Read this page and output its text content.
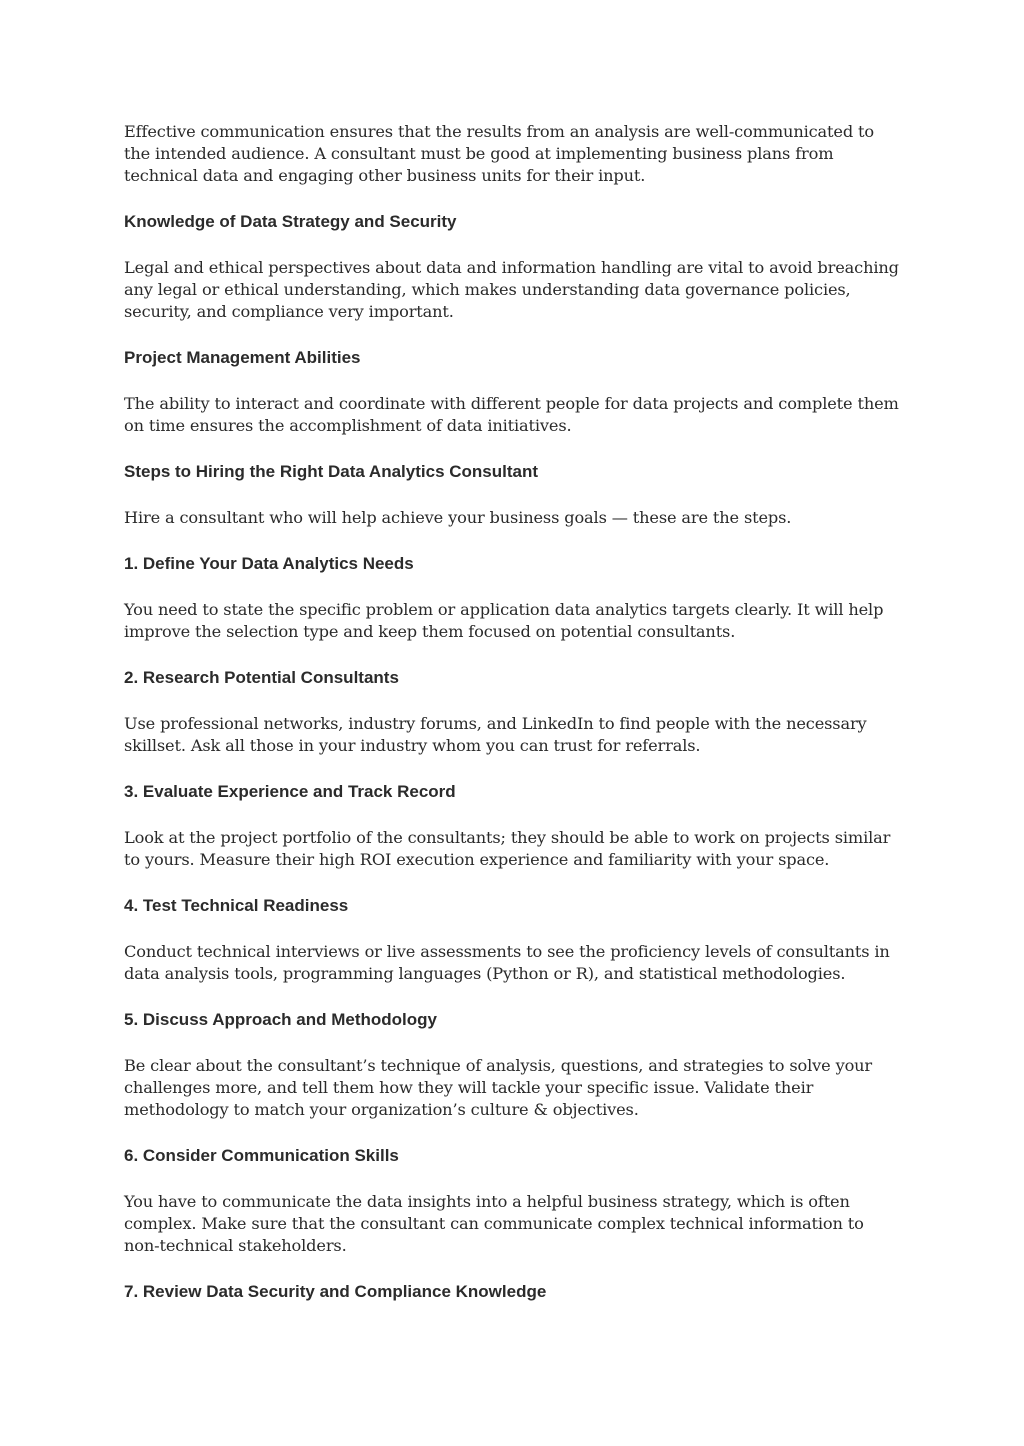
Effective communication ensures that the results from an analysis are well-communicated to the intended audience. A consultant must be good at implementing business plans from technical data and engaging other business units for their input.

Knowledge of Data Strategy and Security

Legal and ethical perspectives about data and information handling are vital to avoid breaching any legal or ethical understanding, which makes understanding data governance policies, security, and compliance very important.

Project Management Abilities

The ability to interact and coordinate with different people for data projects and complete them on time ensures the accomplishment of data initiatives.

Steps to Hiring the Right Data Analytics Consultant

Hire a consultant who will help achieve your business goals — these are the steps.

1. Define Your Data Analytics Needs

You need to state the specific problem or application data analytics targets clearly. It will help improve the selection type and keep them focused on potential consultants.

2. Research Potential Consultants

Use professional networks, industry forums, and LinkedIn to find people with the necessary skillset. Ask all those in your industry whom you can trust for referrals.

3. Evaluate Experience and Track Record

Look at the project portfolio of the consultants; they should be able to work on projects similar to yours. Measure their high ROI execution experience and familiarity with your space.

4. Test Technical Readiness

Conduct technical interviews or live assessments to see the proficiency levels of consultants in data analysis tools, programming languages (Python or R), and statistical methodologies.

5. Discuss Approach and Methodology

Be clear about the consultant’s technique of analysis, questions, and strategies to solve your challenges more, and tell them how they will tackle your specific issue. Validate their methodology to match your organization’s culture & objectives.

6. Consider Communication Skills

You have to communicate the data insights into a helpful business strategy, which is often complex. Make sure that the consultant can communicate complex technical information to non-technical stakeholders.

7. Review Data Security and Compliance Knowledge
